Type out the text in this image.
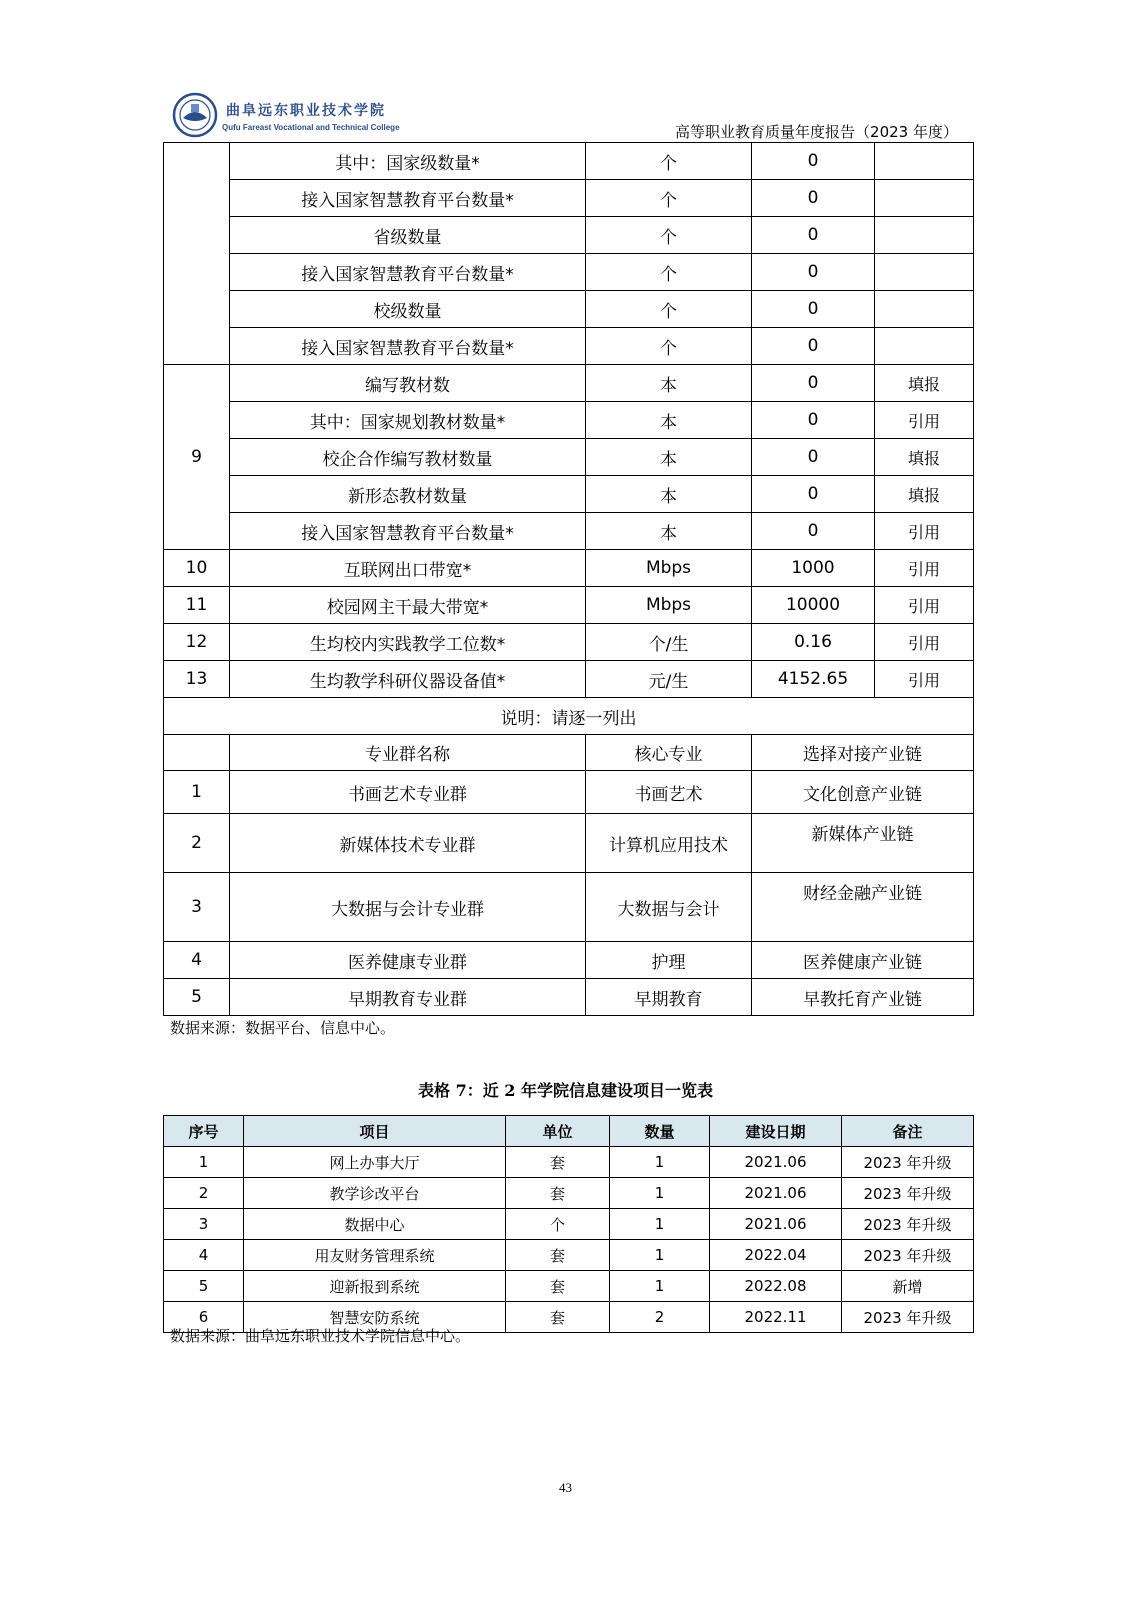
曲阜远东职业技术学院
Qufu Fareast Vocational and Technical College	高等职业教育质量年度报告（2023 年度）
	其中：国家级数量*	个	0	
	接入国家智慧教育平台数量*	个	0	
	省级数量	个	0	
	接入国家智慧教育平台数量*	个	0	
	校级数量	个	0	
	接入国家智慧教育平台数量*	个	0	
9	编写教材数	本	0	填报
	其中：国家规划教材数量*	本	0	引用
	校企合作编写教材数量	本	0	填报
	新形态教材数量	本	0	填报
	接入国家智慧教育平台数量*	本	0	引用
10	互联网出口带宽*	Mbps	1000	引用
11	校园网主干最大带宽*	Mbps	10000	引用
12	生均校内实践教学工位数*	个/生	0.16	引用
13	生均教学科研仪器设备值*	元/生	4152.65	引用
说明：请逐一列出				
	专业群名称	核心专业	选择对接产业链	
1	书画艺术专业群	书画艺术	文化创意产业链	
2	新媒体技术专业群	计算机应用技术	新媒体产业链	
3	大数据与会计专业群	大数据与会计	财经金融产业链	
4	医养健康专业群	护理	医养健康产业链	
5	早期教育专业群	早期教育	早教托育产业链	
数据来源：数据平台、信息中心。
表格 7：近 2 年学院信息建设项目一览表
序号	项目	单位	数量	建设日期	备注
1	网上办事大厅	套	1	2021.06	2023 年升级
2	教学诊改平台	套	1	2021.06	2023 年升级
3	数据中心	个	1	2021.06	2023 年升级
4	用友财务管理系统	套	1	2022.04	2023 年升级
5	迎新报到系统	套	1	2022.08	新增
6	智慧安防系统	套	2	2022.11	2023 年升级
数据来源：曲阜远东职业技术学院信息中心。
43
